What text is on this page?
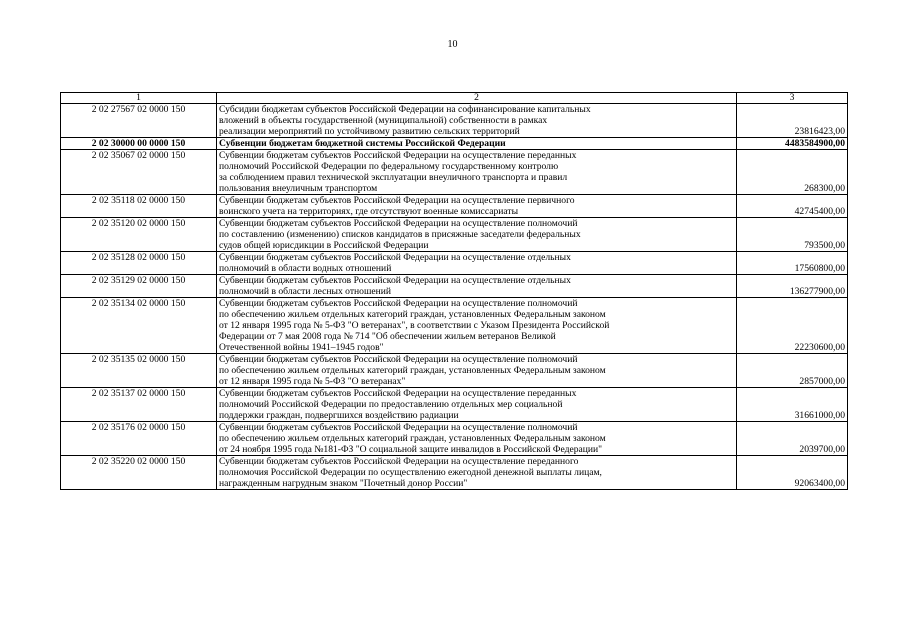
10
1	2	3
2 02 27567 02 0000 150	Субсидии бюджетам субъектов Российской Федерации на софинансирование капитальных
вложений в объекты государственной (муниципальной) собственности в рамках
реализации мероприятий по устойчивому развитию сельских территорий	23816423,00
2 02 30000 00 0000 150	Субвенции бюджетам бюджетной системы Российской Федерации	4483584900,00
2 02 35067 02 0000 150	Субвенции бюджетам субъектов Российской Федерации на осуществление переданных
полномочий Российской Федерации по федеральному государственному контролю
за соблюдением правил технической эксплуатации внеуличного транспорта и правил
пользования внеуличным транспортом	268300,00
2 02 35118 02 0000 150	Субвенции бюджетам субъектов Российской Федерации на осуществление первичного
воинского учета на территориях, где отсутствуют военные комиссариаты	42745400,00
2 02 35120 02 0000 150	Субвенции бюджетам субъектов Российской Федерации на осуществление полномочий
по составлению (изменению) списков кандидатов в присяжные заседатели федеральных
судов общей юрисдикции в Российской Федерации	793500,00
2 02 35128 02 0000 150	Субвенции бюджетам субъектов Российской Федерации на осуществление отдельных
полномочий в области водных отношений	17560800,00
2 02 35129 02 0000 150	Субвенции бюджетам субъектов Российской Федерации на осуществление отдельных
полномочий в области лесных отношений	136277900,00
2 02 35134 02 0000 150	Субвенции бюджетам субъектов Российской Федерации на осуществление полномочий
по обеспечению жильем отдельных категорий граждан, установленных Федеральным законом
от 12 января 1995 года № 5-ФЗ "О ветеранах", в соответствии с Указом Президента Российской
Федерации от 7 мая 2008 года № 714 "Об обеспечении жильем ветеранов Великой
Отечественной войны 1941–1945 годов"	22230600,00
2 02 35135 02 0000 150	Субвенции бюджетам субъектов Российской Федерации на осуществление полномочий
по обеспечению жильем отдельных категорий граждан, установленных Федеральным законом
от 12 января 1995 года № 5-ФЗ "О ветеранах"	2857000,00
2 02 35137 02 0000 150	Субвенции бюджетам субъектов Российской Федерации на осуществление переданных
полномочий Российской Федерации по предоставлению отдельных мер социальной
поддержки граждан, подвергшихся воздействию радиации	31661000,00
2 02 35176 02 0000 150	Субвенции бюджетам субъектов Российской Федерации на осуществление полномочий
по обеспечению жильем отдельных категорий граждан, установленных Федеральным законом
от 24 ноября 1995 года №181-ФЗ "О социальной защите инвалидов в Российской Федерации"	2039700,00
2 02 35220 02 0000 150	Субвенции бюджетам субъектов Российской Федерации на осуществление переданного
полномочия Российской Федерации по осуществлению ежегодной денежной выплаты лицам,
награжденным нагрудным знаком "Почетный донор России"	92063400,00
